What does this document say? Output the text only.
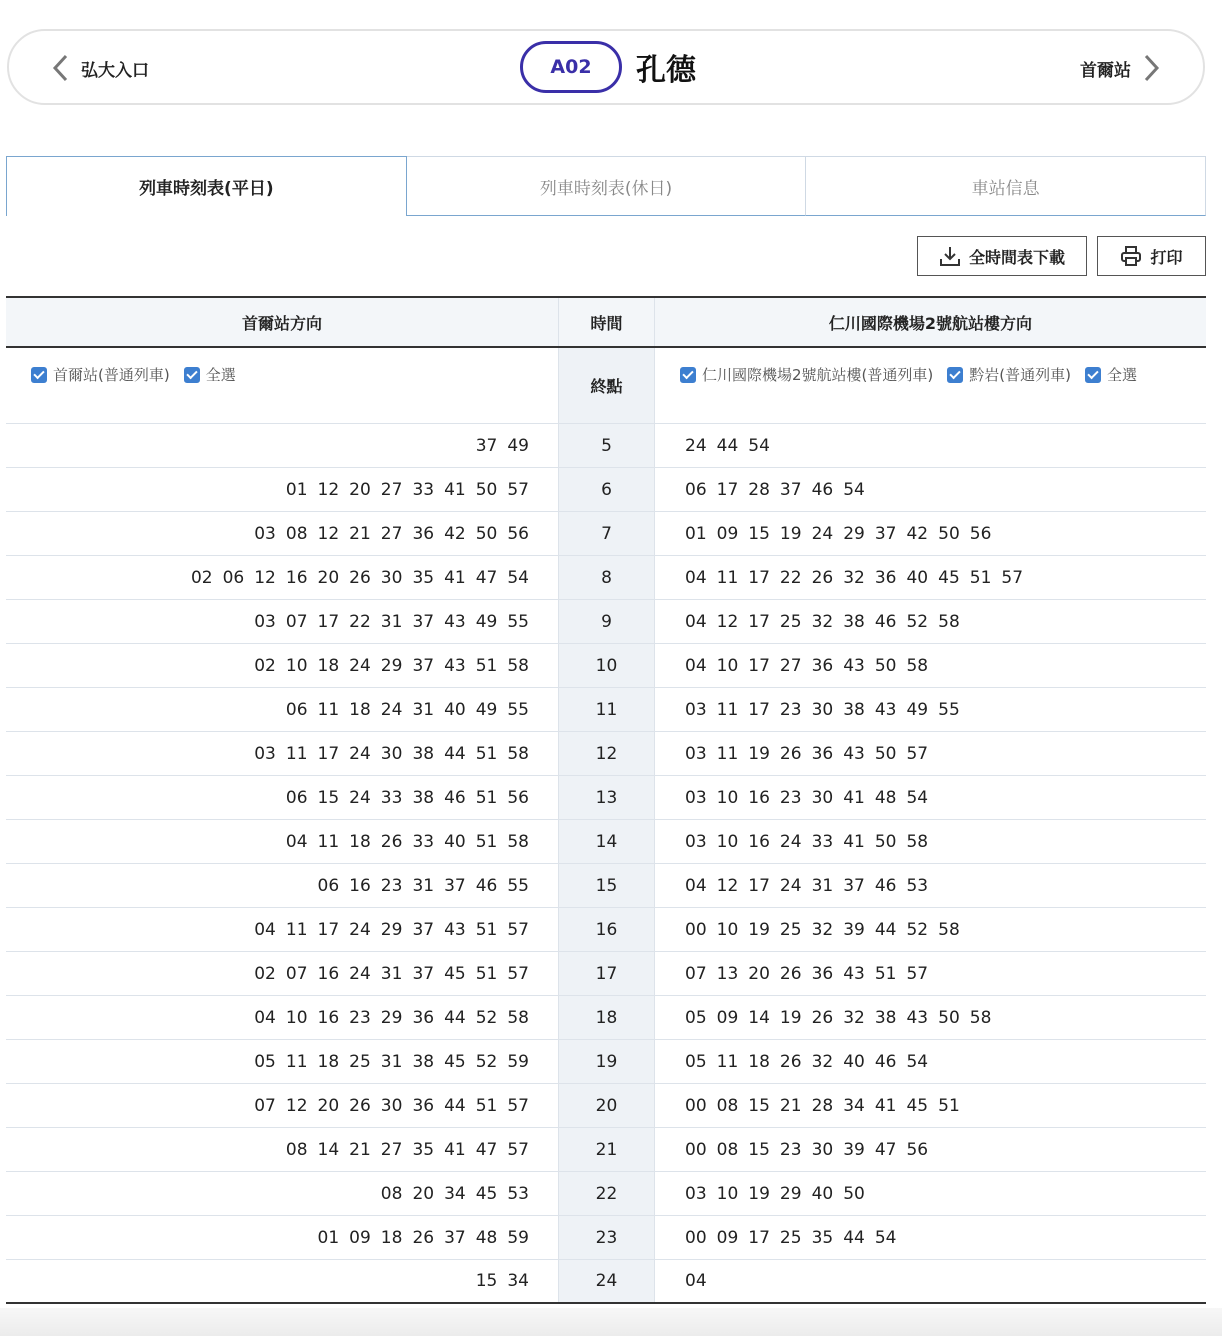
弘大入口	A02	孔德	首爾站
列車時刻表(平日)	列車時刻表(休日)	車站信息
全時間表下載	打印
首爾站方向	時間	仁川國際機場2號航站樓方向
首爾站(普通列車) 全選
終點
仁川國際機場2號航站樓(普通列車) 黔岩(普通列車) 全選
37 49	5	24 44 54
01 12 20 27 33 41 50 57	6	06 17 28 37 46 54
03 08 12 21 27 36 42 50 56	7	01 09 15 19 24 29 37 42 50 56
02 06 12 16 20 26 30 35 41 47 54	8	04 11 17 22 26 32 36 40 45 51 57
03 07 17 22 31 37 43 49 55	9	04 12 17 25 32 38 46 52 58
02 10 18 24 29 37 43 51 58	10	04 10 17 27 36 43 50 58
06 11 18 24 31 40 49 55	11	03 11 17 23 30 38 43 49 55
03 11 17 24 30 38 44 51 58	12	03 11 19 26 36 43 50 57
06 15 24 33 38 46 51 56	13	03 10 16 23 30 41 48 54
04 11 18 26 33 40 51 58	14	03 10 16 24 33 41 50 58
06 16 23 31 37 46 55	15	04 12 17 24 31 37 46 53
04 11 17 24 29 37 43 51 57	16	00 10 19 25 32 39 44 52 58
02 07 16 24 31 37 45 51 57	17	07 13 20 26 36 43 51 57
04 10 16 23 29 36 44 52 58	18	05 09 14 19 26 32 38 43 50 58
05 11 18 25 31 38 45 52 59	19	05 11 18 26 32 40 46 54
07 12 20 26 30 36 44 51 57	20	00 08 15 21 28 34 41 45 51
08 14 21 27 35 41 47 57	21	00 08 15 23 30 39 47 56
08 20 34 45 53	22	03 10 19 29 40 50
01 09 18 26 37 48 59	23	00 09 17 25 35 44 54
15 34	24	04
